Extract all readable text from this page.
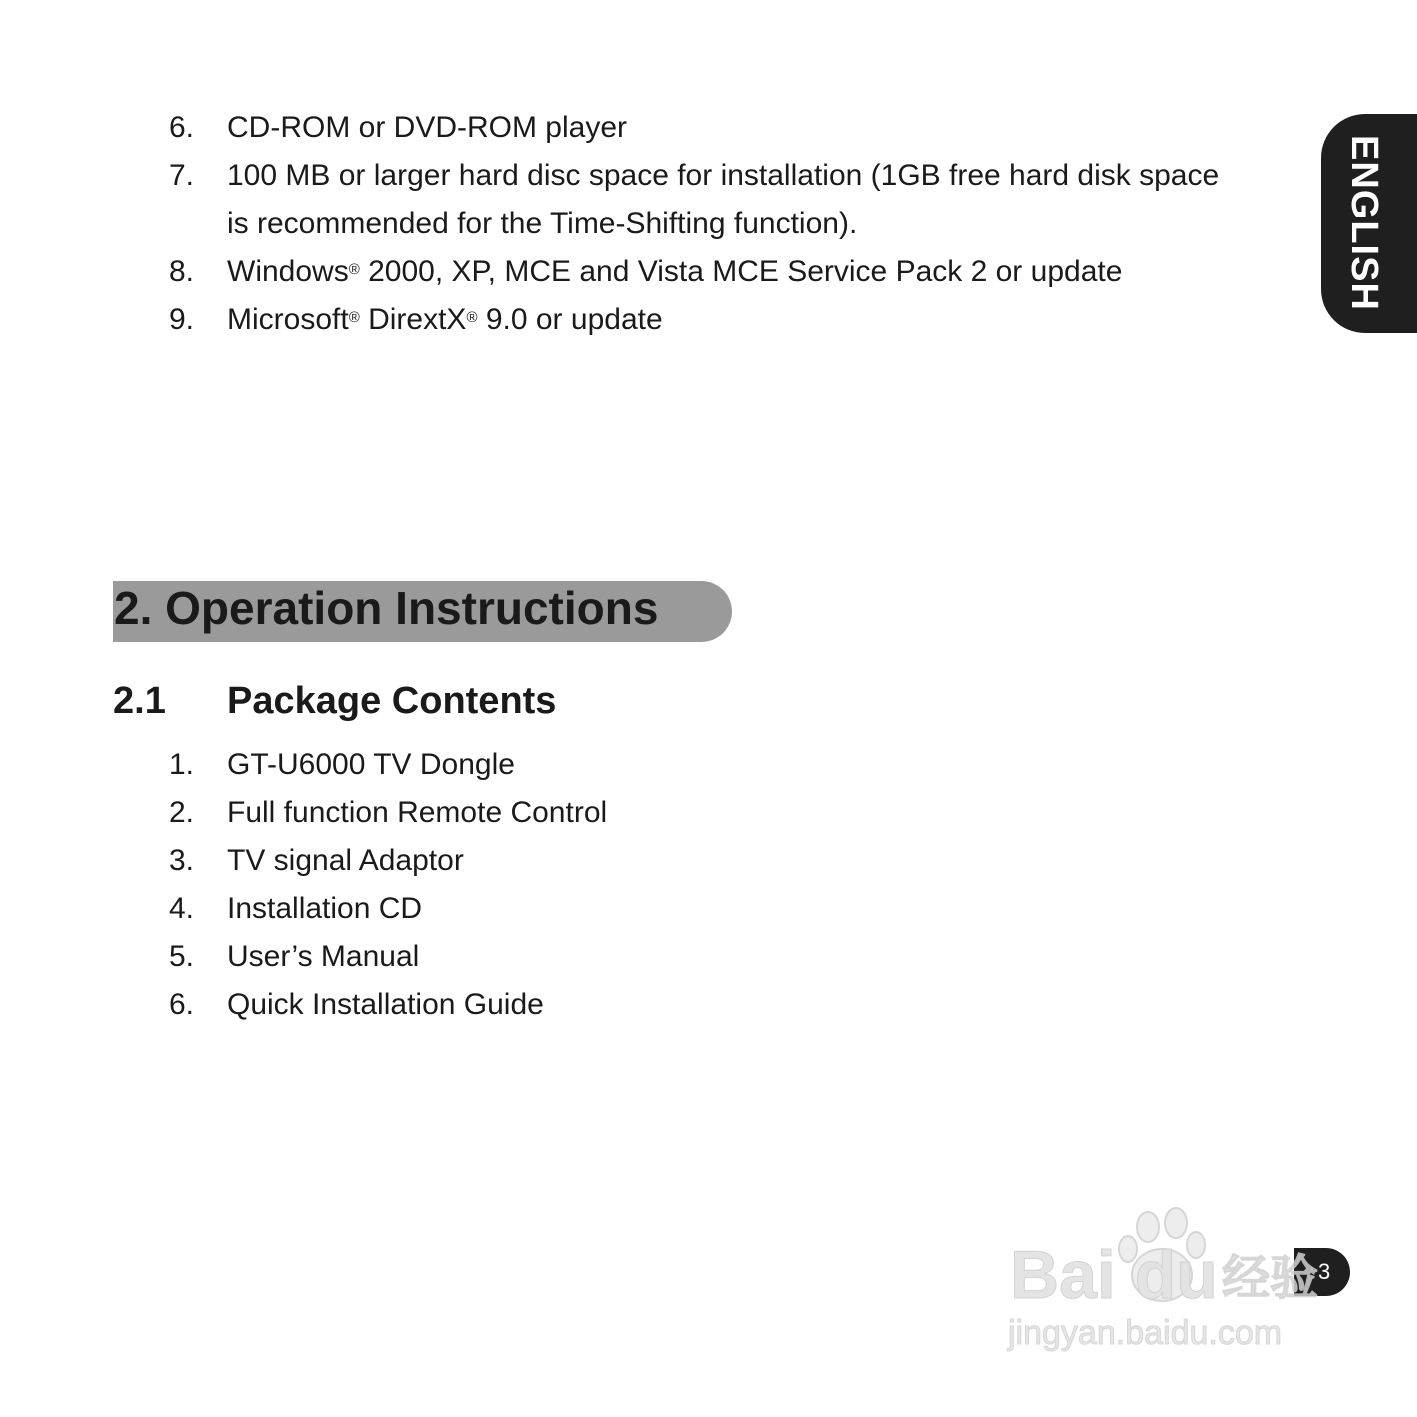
6. CD-ROM or DVD-ROM player
7. 100 MB or larger hard disc space for installation (1GB free hard disk space
is recommended for the Time-Shifting function).
8. Windows® 2000, XP, MCE and Vista MCE Service Pack 2 or update
9. Microsoft® DirextX® 9.0 or update
ENGLISH
2. Operation Instructions
2.1 Package Contents
1. GT-U6000 TV Dongle
2. Full function Remote Control
3. TV signal Adaptor
4. Installation CD
5. User’s Manual
6. Quick Installation Guide
3
Bai du 经验
jingyan.baidu.com
